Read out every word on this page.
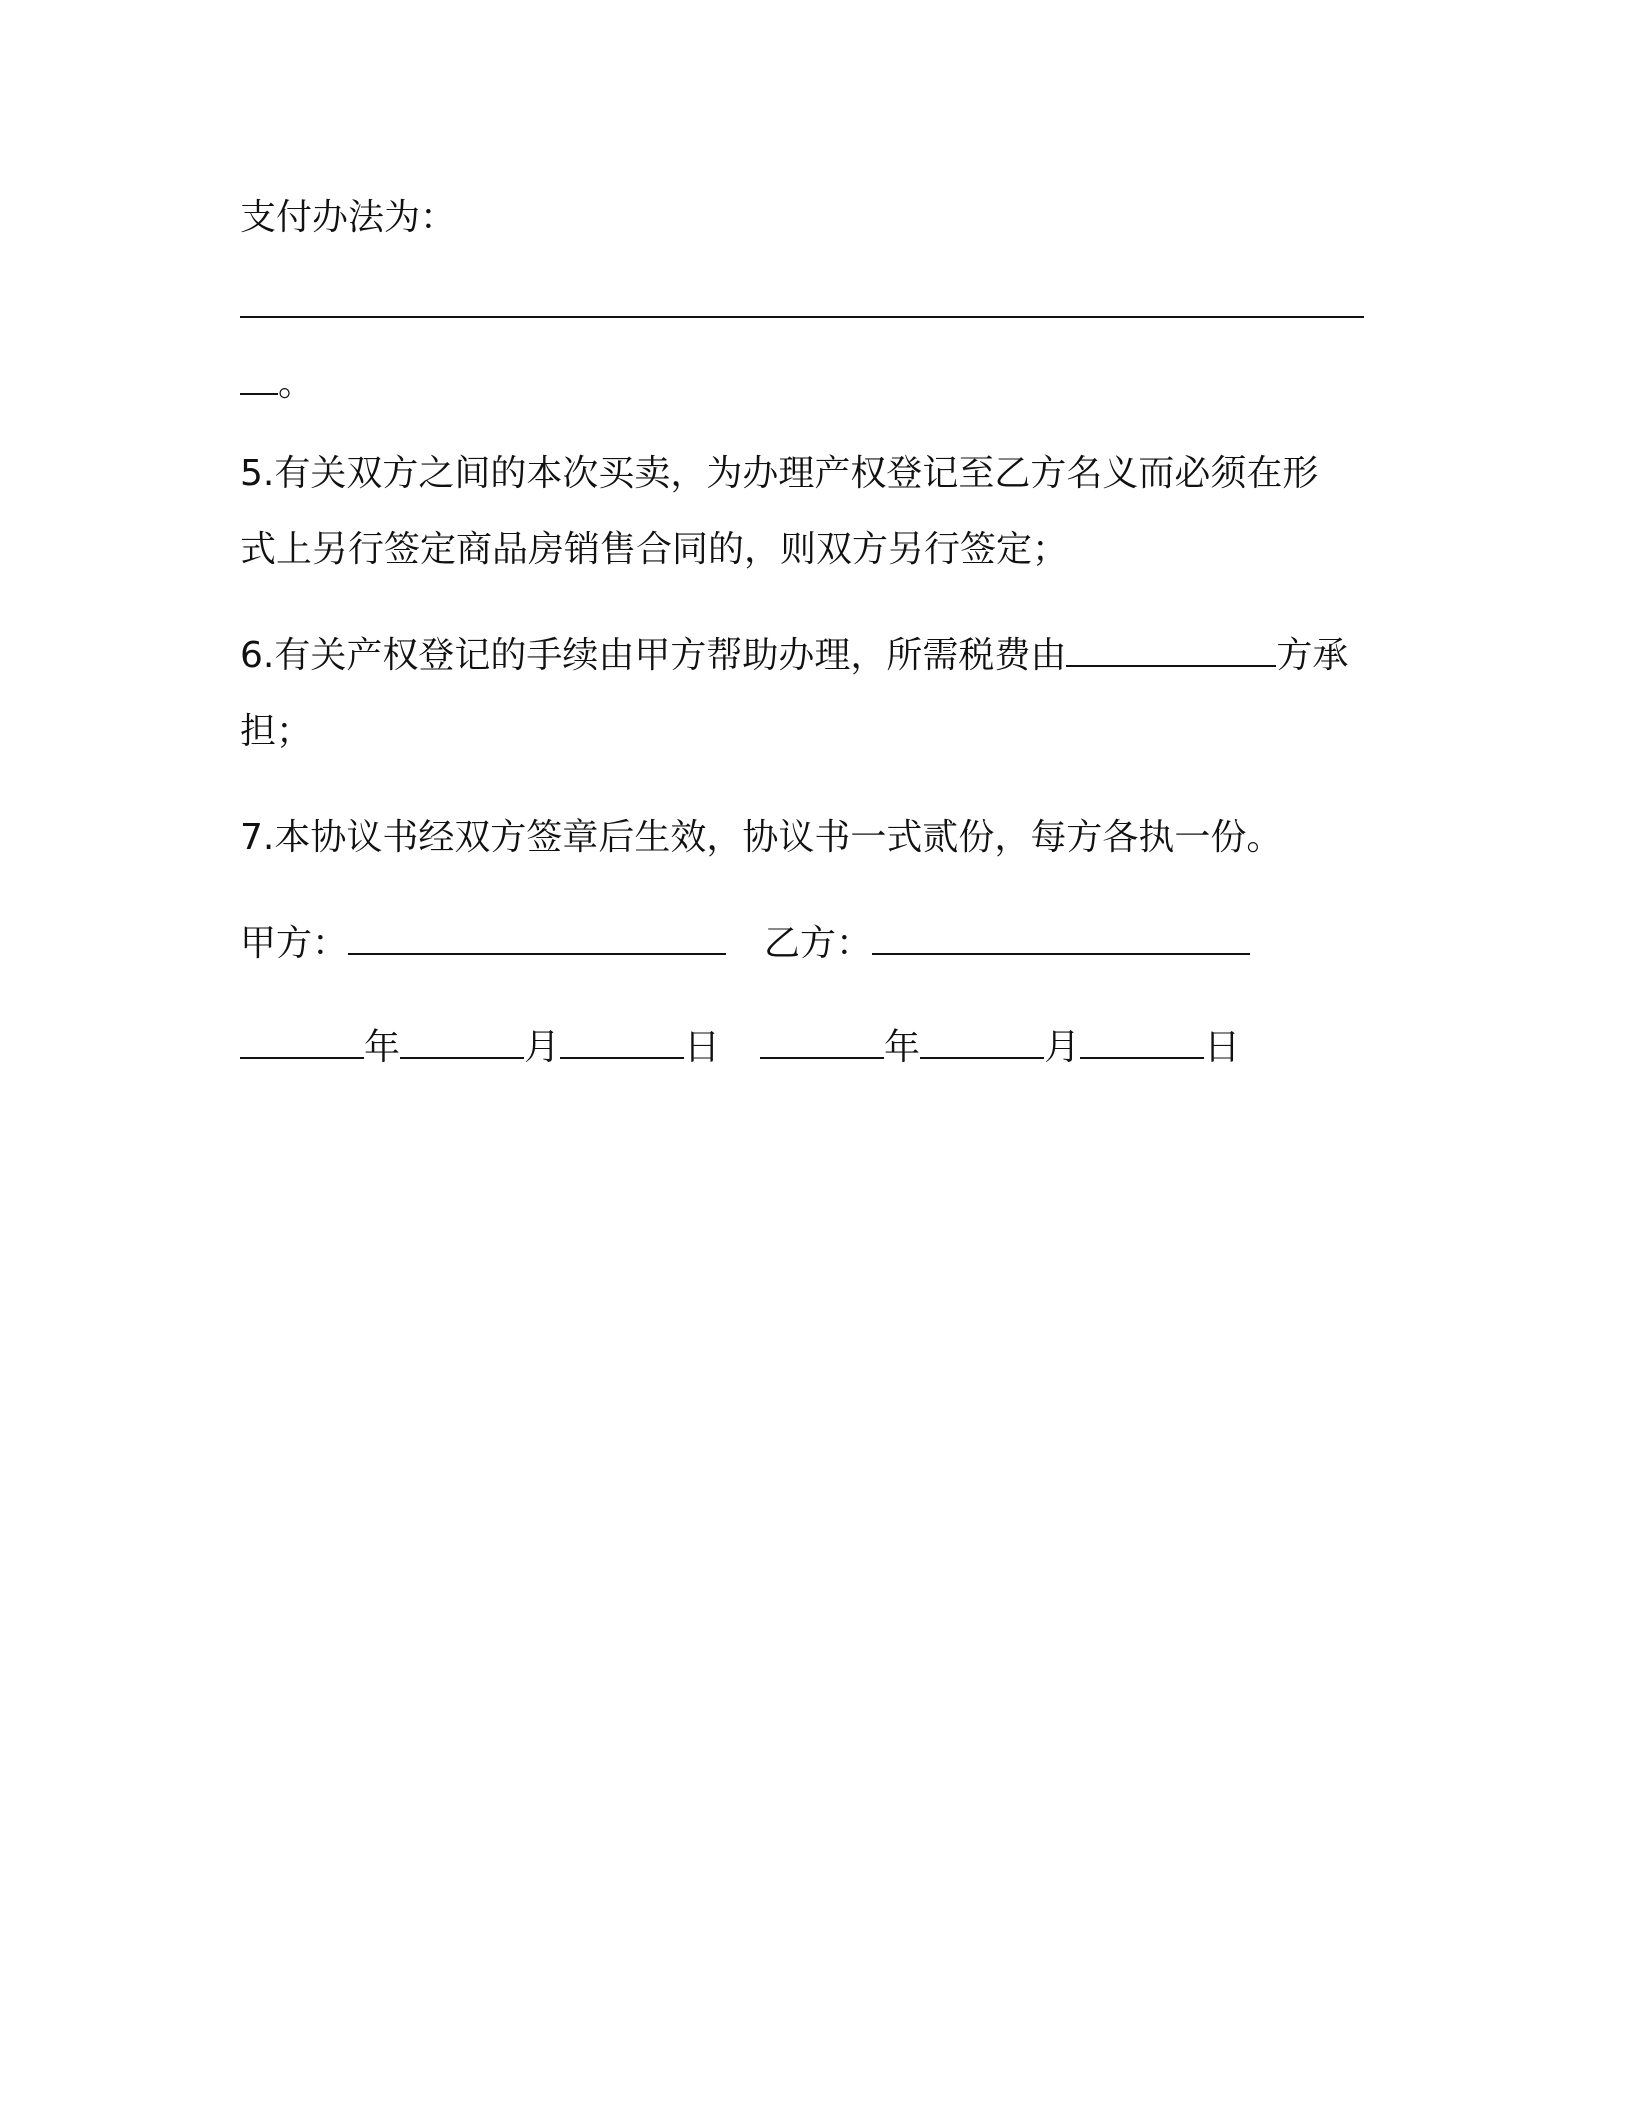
支付办法为：
。
5.有关双方之间的本次买卖，为办理产权登记至乙方名义而必须在形
式上另行签定商品房销售合同的，则双方另行签定；
6.有关产权登记的手续由甲方帮助办理，所需税费由	方承
担；
7.本协议书经双方签章后生效，协议书一式贰份，每方各执一份。
甲方：	乙方：
年	月	日	年	月	日
